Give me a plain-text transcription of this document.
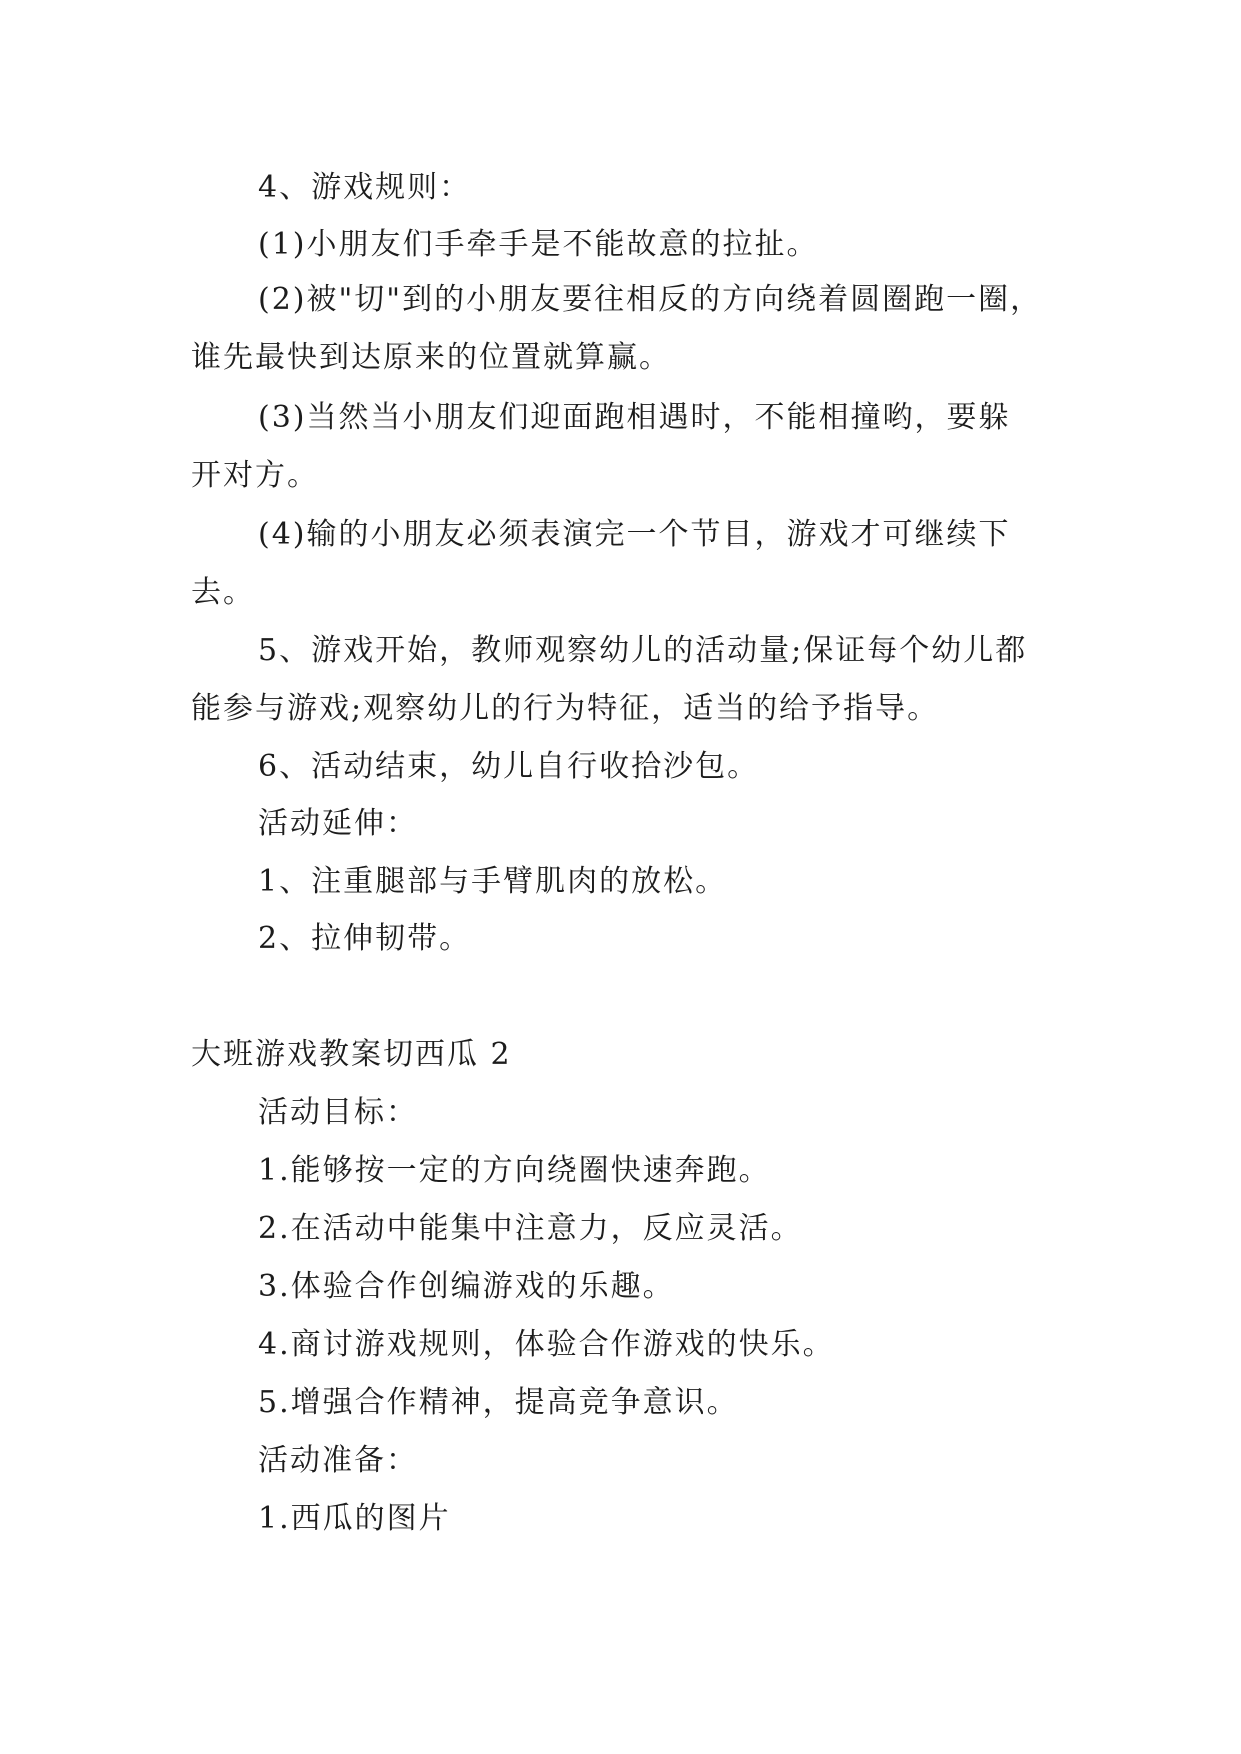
4、游戏规则：
(1)小朋友们手牵手是不能故意的拉扯。
(2)被"切"到的小朋友要往相反的方向绕着圆圈跑一圈，
谁先最快到达原来的位置就算赢。
(3)当然当小朋友们迎面跑相遇时，不能相撞哟，要躲
开对方。
(4)输的小朋友必须表演完一个节目，游戏才可继续下
去。
5、游戏开始，教师观察幼儿的活动量;保证每个幼儿都
能参与游戏;观察幼儿的行为特征，适当的给予指导。
6、活动结束，幼儿自行收拾沙包。
活动延伸：
1、注重腿部与手臂肌肉的放松。
2、拉伸韧带。
大班游戏教案切西瓜 2
活动目标：
1.能够按一定的方向绕圈快速奔跑。
2.在活动中能集中注意力，反应灵活。
3.体验合作创编游戏的乐趣。
4.商讨游戏规则，体验合作游戏的快乐。
5.增强合作精神，提高竞争意识。
活动准备：
1.西瓜的图片
